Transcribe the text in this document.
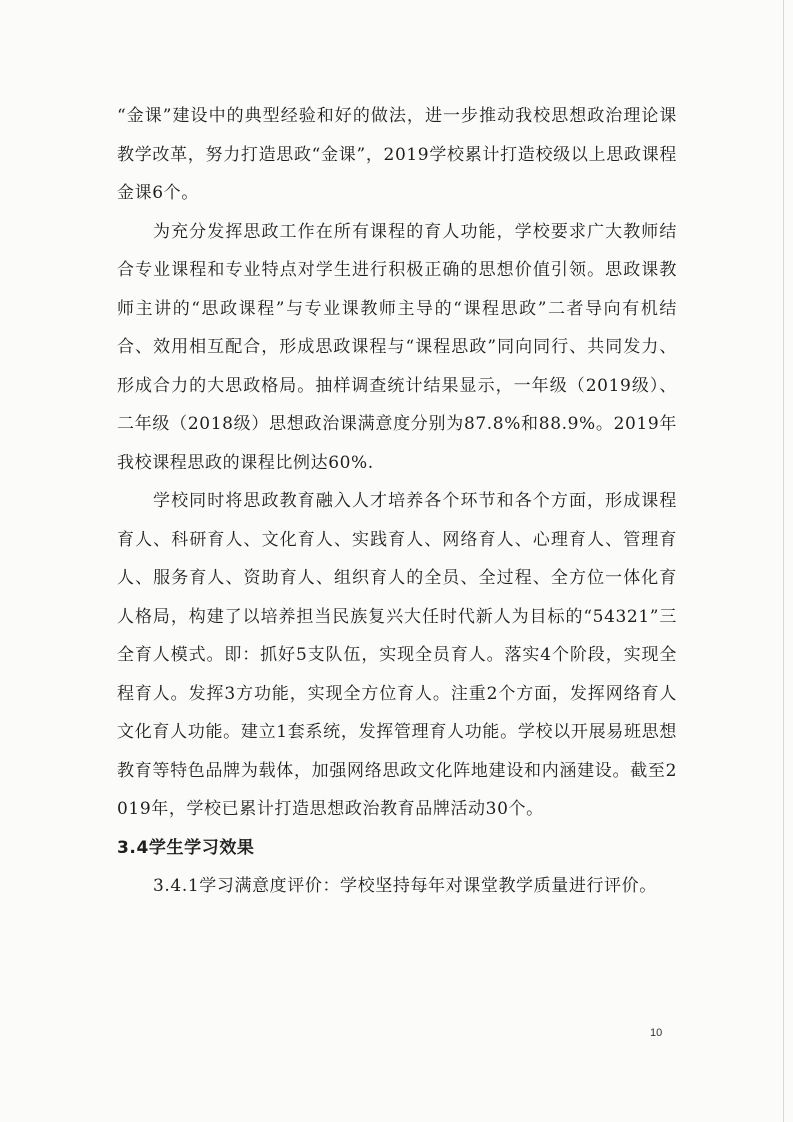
“金课”建设中的典型经验和好的做法，进一步推动我校思想政治理论课教学改革，努力打造思政“金课”，2019学校累计打造校级以上思政课程金课6个。

为充分发挥思政工作在所有课程的育人功能，学校要求广大教师结合专业课程和专业特点对学生进行积极正确的思想价值引领。思政课教师主讲的“思政课程”与专业课教师主导的“课程思政”二者导向有机结合、效用相互配合，形成思政课程与“课程思政”同向同行、共同发力、形成合力的大思政格局。抽样调查统计结果显示，一年级（2019级）、二年级（2018级）思想政治课满意度分别为87.8%和88.9%。2019年我校课程思政的课程比例达60%.

学校同时将思政教育融入人才培养各个环节和各个方面，形成课程育人、科研育人、文化育人、实践育人、网络育人、心理育人、管理育人、服务育人、资助育人、组织育人的全员、全过程、全方位一体化育人格局，构建了以培养担当民族复兴大任时代新人为目标的“54321”三全育人模式。即：抓好5支队伍，实现全员育人。落实4个阶段，实现全程育人。发挥3方功能，实现全方位育人。注重2个方面，发挥网络育人文化育人功能。建立1套系统，发挥管理育人功能。学校以开展易班思想教育等特色品牌为载体，加强网络思政文化阵地建设和内涵建设。截至2019年，学校已累计打造思想政治教育品牌活动30个。

3.4学生学习效果

3.4.1学习满意度评价：学校坚持每年对课堂教学质量进行评价。

10
